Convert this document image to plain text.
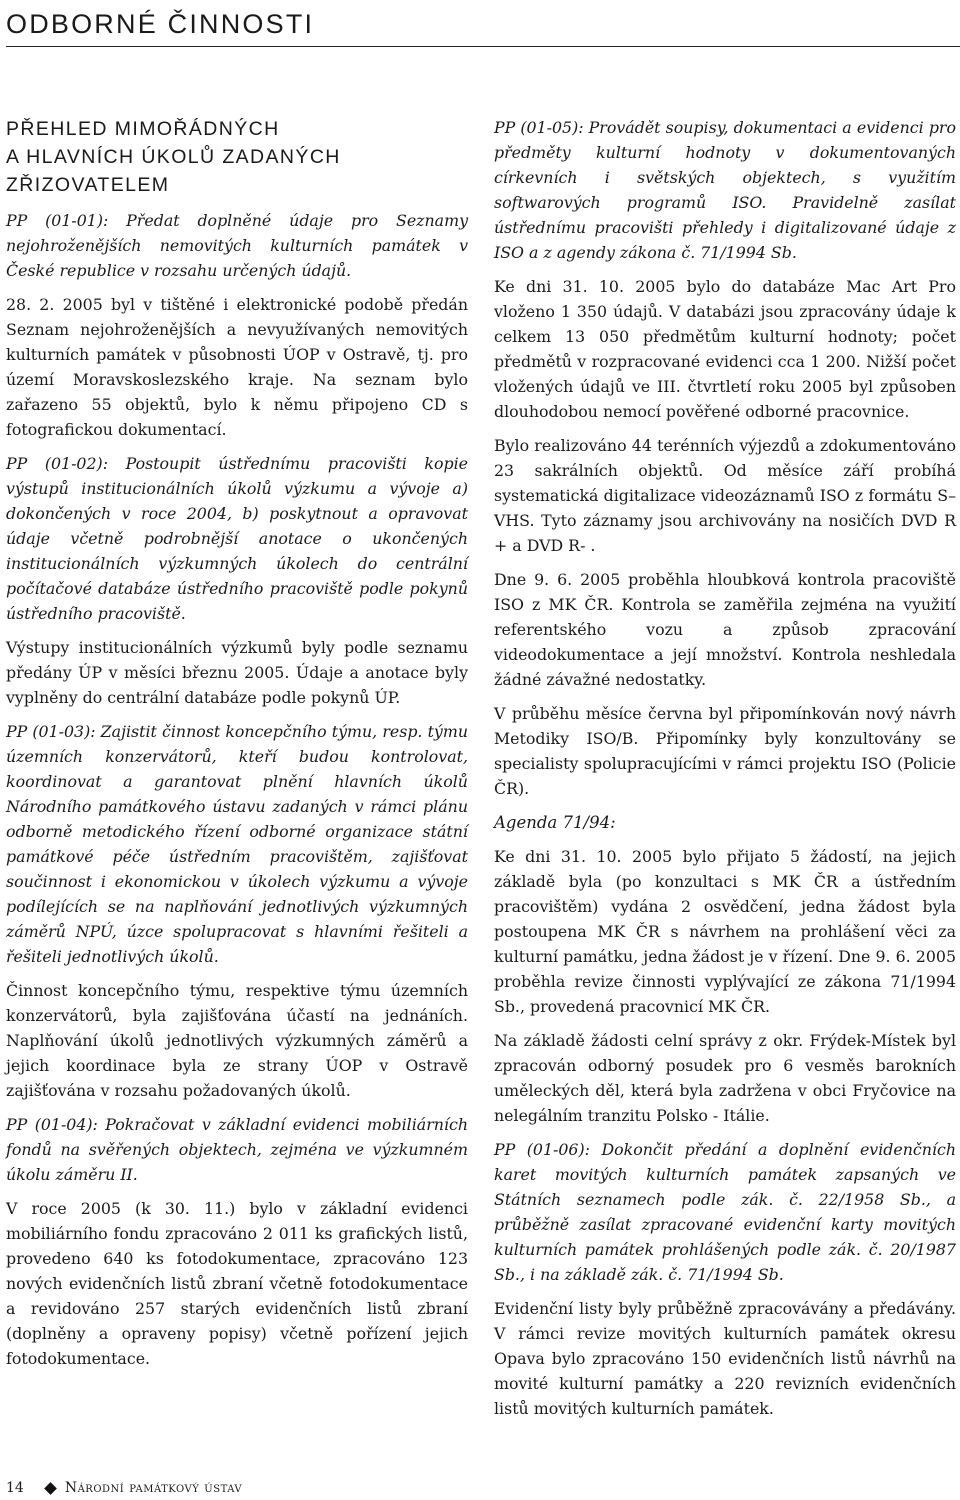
ODBORNÉ ČINNOSTI
PŘEHLED MIMOŘÁDNÝCH
A HLAVNÍCH ÚKOLŮ ZADANÝCH
ZŘIZOVATELEM

PP (01-01): Předat doplněné údaje pro Seznamy nejohroženějších nemovitých kulturních památek v České republice v rozsahu určených údajů.

28. 2. 2005 byl v tištěné i elektronické podobě předán Seznam nejohroženějších a nevyužívaných nemovitých kulturních památek v působnosti ÚOP v Ostravě, tj. pro území Moravskoslezského kraje. Na seznam bylo zařazeno 55 objektů, bylo k němu připojeno CD s fotografickou dokumentací.

PP (01-02): Postoupit ústřednímu pracovišti kopie výstupů institucionálních úkolů výzkumu a vývoje a) dokončených v roce 2004, b) poskytnout a opravovat údaje včetně podrobnější anotace o ukončených institucionálních výzkumných úkolech do centrální počítačové databáze ústředního pracoviště podle pokynů ústředního pracoviště.

Výstupy institucionálních výzkumů byly podle seznamu předány ÚP v měsíci březnu 2005. Údaje a anotace byly vyplněny do centrální databáze podle pokynů ÚP.

PP (01-03): Zajistit činnost koncepčního týmu, resp. týmu územních konzervátorů, kteří budou kontrolovat, koordinovat a garantovat plnění hlavních úkolů Národního památkového ústavu zadaných v rámci plánu odborně metodického řízení odborné organizace státní památkové péče ústředním pracovištěm, zajišťovat součinnost i ekonomickou v úkolech výzkumu a vývoje podílejících se na naplňování jednotlivých výzkumných záměrů NPÚ, úzce spolupracovat s hlavními řešiteli a řešiteli jednotlivých úkolů.

Činnost koncepčního týmu, respektive týmu územních konzervátorů, byla zajišťována účastí na jednáních. Naplňování úkolů jednotlivých výzkumných záměrů a jejich koordinace byla ze strany ÚOP v Ostravě zajišťována v rozsahu požadovaných úkolů.

PP (01-04): Pokračovat v základní evidenci mobiliárních fondů na svěřených objektech, zejména ve výzkumném úkolu záměru II.

V roce 2005 (k 30. 11.) bylo v základní evidenci mobiliárního fondu zpracováno 2 011 ks grafických listů, provedeno 640 ks fotodokumentace, zpracováno 123 nových evidenčních listů zbraní včetně fotodokumentace a revidováno 257 starých evidenčních listů zbraní (doplněny a opraveny popisy) včetně pořízení jejich fotodokumentace.

PP (01-05): Provádět soupisy, dokumentaci a evidenci pro předměty kulturní hodnoty v dokumentovaných církevních i světských objektech, s využitím softwarových programů ISO. Pravidelně zasílat ústřednímu pracovišti přehledy i digitalizované údaje z ISO a z agendy zákona č. 71/1994 Sb.

Ke dni 31. 10. 2005 bylo do databáze Mac Art Pro vloženo 1 350 údajů. V databázi jsou zpracovány údaje k celkem 13 050 předmětům kulturní hodnoty; počet předmětů v rozpracované evidenci cca 1 200. Nižší počet vložených údajů ve III. čtvrtletí roku 2005 byl způsoben dlouhodobou nemocí pověřené odborné pracovnice.

Bylo realizováno 44 terénních výjezdů a zdokumentováno 23 sakrálních objektů. Od měsíce září probíhá systematická digitalizace videozáznamů ISO z formátu S–VHS. Tyto záznamy jsou archivovány na nosičích DVD R + a DVD R- .

Dne 9. 6. 2005 proběhla hloubková kontrola pracoviště ISO z MK ČR. Kontrola se zaměřila zejména na využití referentského vozu a způsob zpracování videodokumentace a její množství. Kontrola neshledala žádné závažné nedostatky.

V průběhu měsíce června byl připomínkován nový návrh Metodiky ISO/B. Připomínky byly konzultovány se specialisty spolupracujícími v rámci projektu ISO (Policie ČR).

Agenda 71/94:

Ke dni 31. 10. 2005 bylo přijato 5 žádostí, na jejich základě byla (po konzultaci s MK ČR a ústředním pracovištěm) vydána 2 osvědčení, jedna žádost byla postoupena MK ČR s návrhem na prohlášení věci za kulturní památku, jedna žádost je v řízení. Dne 9. 6. 2005 proběhla revize činnosti vyplývající ze zákona 71/1994 Sb., provedená pracovnicí MK ČR.

Na základě žádosti celní správy z okr. Frýdek-Místek byl zpracován odborný posudek pro 6 vesměs barokních uměleckých děl, která byla zadržena v obci Fryčovice na nelegálním tranzitu Polsko - Itálie.

PP (01-06): Dokončit předání a doplnění evidenčních karet movitých kulturních památek zapsaných ve Státních seznamech podle zák. č. 22/1958 Sb., a průběžně zasílat zpracované evidenční karty movitých kulturních památek prohlášených podle zák. č. 20/1987 Sb., i na základě zák. č. 71/1994 Sb.

Evidenční listy byly průběžně zpracovávány a předávány. V rámci revize movitých kulturních památek okresu Opava bylo zpracováno 150 evidenčních listů návrhů na movité kulturní památky a 220 revizních evidenčních listů movitých kulturních památek.

14	Národní památkový ústav
